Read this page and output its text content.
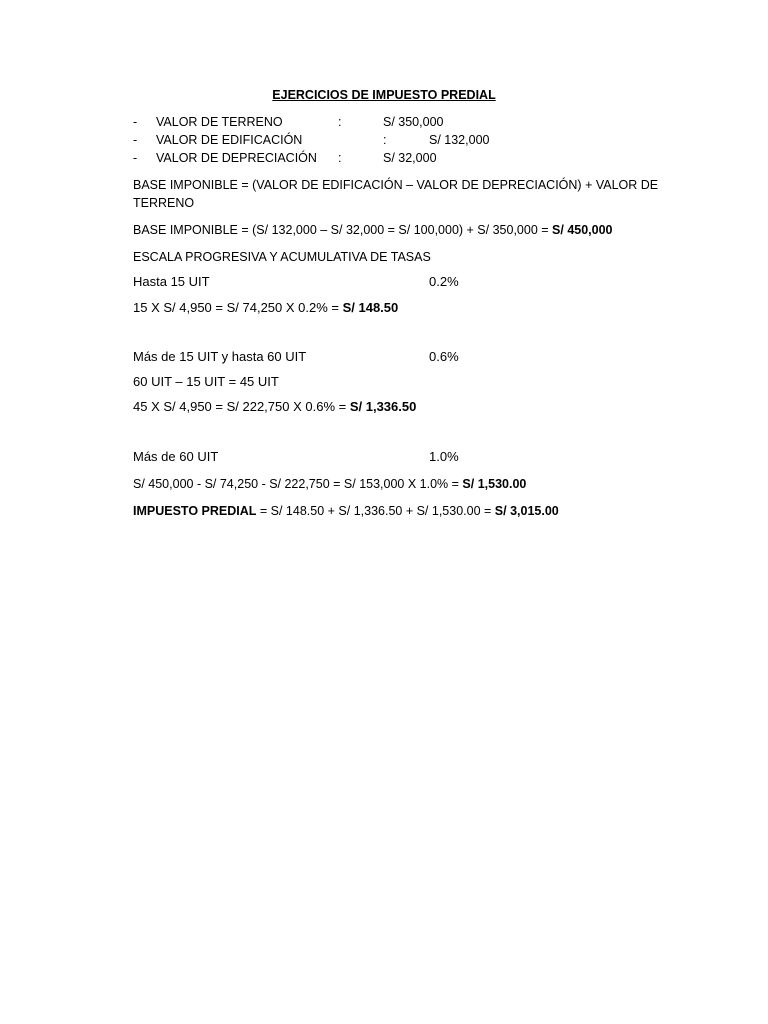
EJERCICIOS DE IMPUESTO PREDIAL
- VALOR DE TERRENO	:	S/ 350,000
- VALOR DE EDIFICACIÓN	:	S/ 132,000
- VALOR DE DEPRECIACIÓN :	S/ 32,000
BASE IMPONIBLE = (VALOR DE EDIFICACIÓN – VALOR DE DEPRECIACIÓN) + VALOR DE
TERRENO
BASE IMPONIBLE = (S/ 132,000 – S/ 32,000 = S/ 100,000) + S/ 350,000 = S/ 450,000
ESCALA PROGRESIVA Y ACUMULATIVA DE TASAS
Hasta 15 UIT	0.2%
15 X S/ 4,950 = S/ 74,250 X 0.2% = S/ 148.50
Más de 15 UIT y hasta 60 UIT	0.6%
60 UIT – 15 UIT = 45 UIT
45 X S/ 4,950 = S/ 222,750 X 0.6% = S/ 1,336.50
Más de 60 UIT	1.0%
S/ 450,000 - S/ 74,250 - S/ 222,750 = S/ 153,000 X 1.0% = S/ 1,530.00
IMPUESTO PREDIAL = S/ 148.50 + S/ 1,336.50 + S/ 1,530.00 = S/ 3,015.00
